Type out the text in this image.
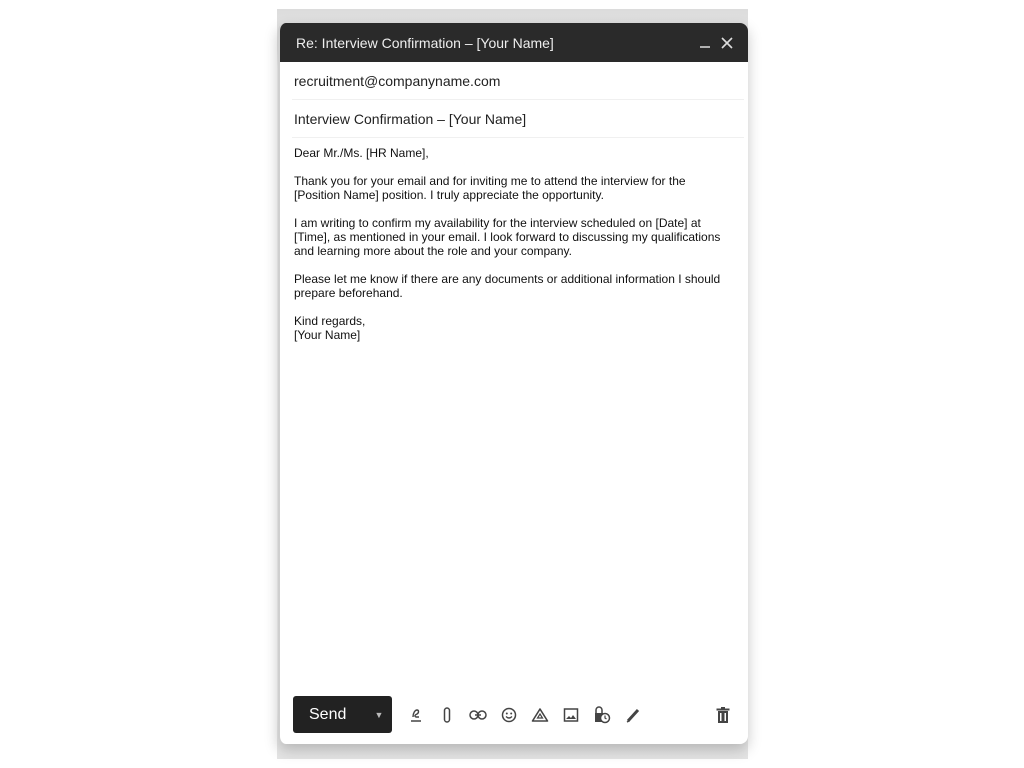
Re: Interview Confirmation – [Your Name]
recruitment@companyname.com
Interview Confirmation – [Your Name]

Dear Mr./Ms. [HR Name],

Thank you for your email and for inviting me to attend the interview for the [Position Name] position. I truly appreciate the opportunity.

I am writing to confirm my availability for the interview scheduled on [Date] at [Time], as mentioned in your email. I look forward to discussing my qualifications and learning more about the role and your company.

Please let me know if there are any documents or additional information I should prepare beforehand.

Kind regards,
[Your Name]
Send	▼
